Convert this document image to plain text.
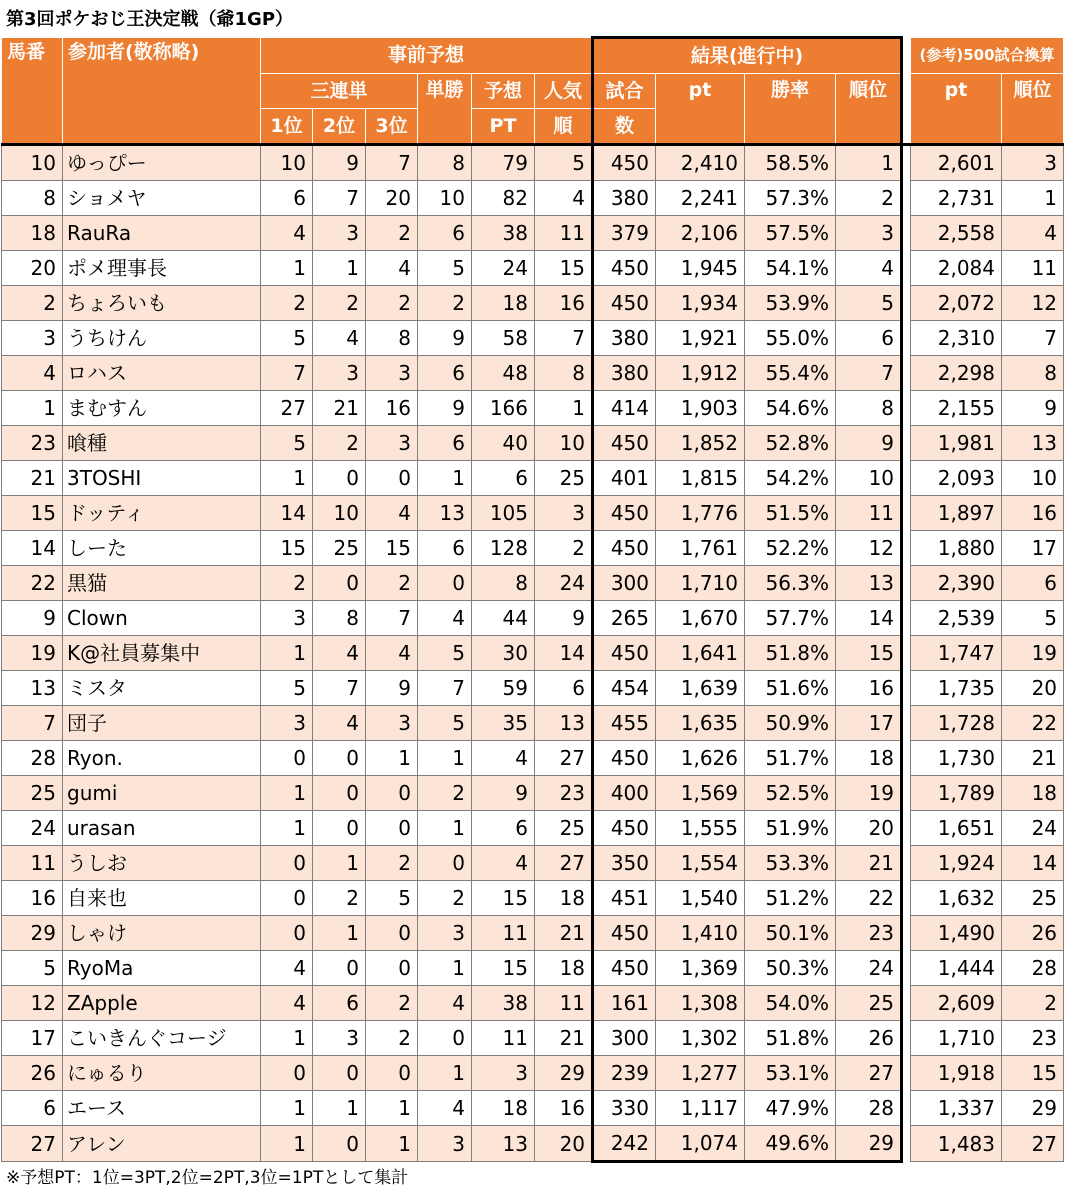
第3回ポケおじ王決定戦（爺1GP）
馬番	参加者(敬称略)	事前予想						結果(進行中)					(参考)500試合換算	
		三連単			単勝	予想	人気	試合	pt	勝率	順位		pt	順位
		1位	2位	3位		PT	順	数						
10	ゆっぴー	10	9	7	8	79	5	450	2,410	58.5%	1		2,601	3
8	ショメヤ	6	7	20	10	82	4	380	2,241	57.3%	2		2,731	1
18	RauRa	4	3	2	6	38	11	379	2,106	57.5%	3		2,558	4
20	ポメ理事長	1	1	4	5	24	15	450	1,945	54.1%	4		2,084	11
2	ちょろいも	2	2	2	2	18	16	450	1,934	53.9%	5		2,072	12
3	うちけん	5	4	8	9	58	7	380	1,921	55.0%	6		2,310	7
4	ロハス	7	3	3	6	48	8	380	1,912	55.4%	7		2,298	8
1	まむすん	27	21	16	9	166	1	414	1,903	54.6%	8		2,155	9
23	喰種	5	2	3	6	40	10	450	1,852	52.8%	9		1,981	13
21	3TOSHI	1	0	0	1	6	25	401	1,815	54.2%	10		2,093	10
15	ドッティ	14	10	4	13	105	3	450	1,776	51.5%	11		1,897	16
14	しーた	15	25	15	6	128	2	450	1,761	52.2%	12		1,880	17
22	黒猫	2	0	2	0	8	24	300	1,710	56.3%	13		2,390	6
9	Clown	3	8	7	4	44	9	265	1,670	57.7%	14		2,539	5
19	K@社員募集中	1	4	4	5	30	14	450	1,641	51.8%	15		1,747	19
13	ミスタ	5	7	9	7	59	6	454	1,639	51.6%	16		1,735	20
7	団子	3	4	3	5	35	13	455	1,635	50.9%	17		1,728	22
28	Ryon.	0	0	1	1	4	27	450	1,626	51.7%	18		1,730	21
25	gumi	1	0	0	2	9	23	400	1,569	52.5%	19		1,789	18
24	urasan	1	0	0	1	6	25	450	1,555	51.9%	20		1,651	24
11	うしお	0	1	2	0	4	27	350	1,554	53.3%	21		1,924	14
16	自来也	0	2	5	2	15	18	451	1,540	51.2%	22		1,632	25
29	しゃけ	0	1	0	3	11	21	450	1,410	50.1%	23		1,490	26
5	RyoMa	4	0	0	1	15	18	450	1,369	50.3%	24		1,444	28
12	ZApple	4	6	2	4	38	11	161	1,308	54.0%	25		2,609	2
17	こいきんぐコージ	1	3	2	0	11	21	300	1,302	51.8%	26		1,710	23
26	にゅるり	0	0	0	1	3	29	239	1,277	53.1%	27		1,918	15
6	エース	1	1	1	4	18	16	330	1,117	47.9%	28		1,337	29
27	アレン	1	0	1	3	13	20	242	1,074	49.6%	29		1,483	27
※予想PT：1位=3PT,2位=2PT,3位=1PTとして集計
